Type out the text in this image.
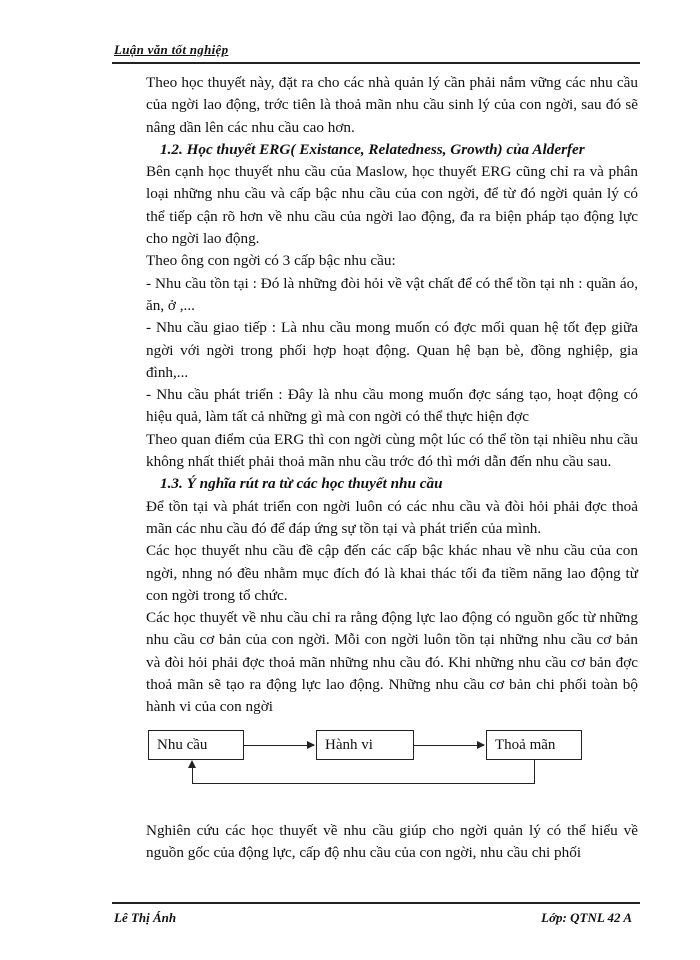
Luận văn tốt nghiệp

Theo học thuyết này, đặt ra cho các nhà quản lý cần phải nắm vững các nhu cầu của ngời lao động, trớc tiên là thoả mãn nhu cầu sinh lý của con ngời, sau đó sẽ nâng dần lên các nhu cầu cao hơn.

1.2. Học thuyết ERG( Existance, Relatedness, Growth) của Alderfer

Bên cạnh học thuyết nhu cầu của Maslow, học thuyết ERG cũng chỉ ra và phân loại những nhu cầu và cấp bậc nhu cầu của con ngời, để từ đó ngời quản lý có thể tiếp cận rõ hơn về nhu cầu của ngời lao động, đa ra biện pháp tạo động lực cho ngời lao động.

Theo ông con ngời có 3 cấp bậc nhu cầu:

- Nhu cầu tồn tại : Đó là những đòi hỏi về vật chất để có thể tồn tại nh : quần áo, ăn, ở ,...

- Nhu cầu giao tiếp : Là nhu cầu mong muốn có đợc mối quan hệ tốt đẹp giữa ngời với ngời trong phối hợp hoạt động. Quan hệ bạn bè, đồng nghiệp, gia đình,...

- Nhu cầu phát triển : Đây là nhu cầu mong muốn đợc sáng tạo, hoạt động có hiệu quả, làm tất cả những gì mà con ngời có thể thực hiện đợc

Theo quan điểm của ERG thì con ngời cùng một lúc có thể tồn tại nhiều nhu cầu không nhất thiết phải thoả mãn nhu cầu trớc đó thì mới dẫn đến nhu cầu sau.

1.3. Ý nghĩa rút ra từ các học thuyết nhu cầu

Để tồn tại và phát triển con ngời luôn có các nhu cầu và đòi hỏi phải đợc thoả mãn các nhu cầu đó để đáp ứng sự tồn tại và phát triển của mình.

Các học thuyết nhu cầu đề cập đến các cấp bậc khác nhau về nhu cầu của con ngời, nhng nó đều nhằm mục đích đó là khai thác tối đa tiềm năng lao động từ con ngời trong tổ chức.

Các học thuyết về nhu cầu chỉ ra rằng động lực lao động có nguồn gốc từ những nhu cầu cơ bản của con ngời. Mỗi con ngời luôn tồn tại những nhu cầu cơ bản và đòi hỏi phải đợc thoả mãn những nhu cầu đó. Khi những nhu cầu cơ bản đợc thoả mãn sẽ tạo ra động lực lao động. Những nhu cầu cơ bản chi phối toàn bộ hành vi của con ngời

Nhu cầu	Hành vi	Thoả mãn

Nghiên cứu các học thuyết về nhu cầu giúp cho ngời quản lý có thể hiểu về nguồn gốc của động lực, cấp độ nhu cầu của con ngời, nhu cầu chi phối

Lê Thị Ánh	Lớp: QTNL 42 A
